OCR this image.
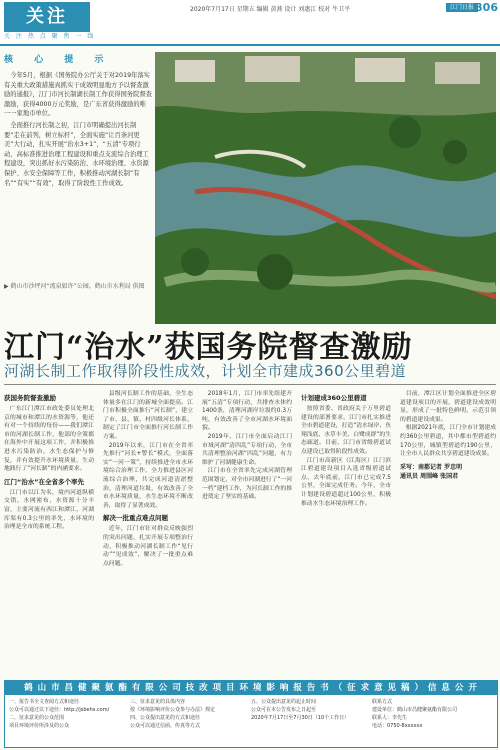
关注
关 注 热 点 聚 焦 一 线
2020年7月17日 星期五 编辑 黄燕 设计 刘惠江 校对 牛卫平	江门日报 B06
核 心 提 示

今年5月，根据《国务院办公厅关于对2019年落实有关重大政策措施真抓实干成效明显地方予以督查激励的通报》，江门市河长制湖长制工作获得国务院督查激励，获得4000万元奖励，是广东省获得激励的唯一一家地市单位。

全面推行河长制之初，江门市明确提出河长制要“走在前列，树立标杆”，全面实施“让百条河更美”大行动，扎实开展“治水3+1”，“五清”专项行动，高标准推进治理工程建设和重点支流综合治理工程建设，突出抓好水污染防治、水环境治理、水资源保护、水安全保障等工作，积极推动河湖长制“有名”“有实”“有效”，取得了阶段性工作成效。

▶ 鹤山市沙坪河“流泉如许”公园。鹤山市水利局 供图
江门“治水”获国务院督查激励
河湖长制工作取得阶段性成效，计划全市建成360公里碧道
获国务院督查激励

广东江门潭江市政处委员处理北京的城市和潭江的水资源等，他还有对一个持续的每份——我们潭江市的河湖长制工作，他部的全策都在海外中开展这项工作，并积极推进水污染防治、水生态保护与修复，并有效提升水环境质量，生动地践行了“河长制”的内涵要求。

江门“治水”在全省多个率先

江门市以江为名，境内河道纵横交错，水网密布，水资源十分丰富，主要河流有西江和潭江，河湖库渠有0.3公里的率先，水环境的治理是全市的系统工程。

县级河长制工作的基础，全生态体量多在江门的新城全面提高。江门市积极全面推行“河长制”，建立了市、县、镇、村四级河长体系，制定了江门市全面推行河长制工作方案。

2019年以来，江门市在全省率先推行“河长+警长”模式，全面落实“一河一策”，持续推进全市水环境综合治理工作，全力推进县区河流综合治理，共完成河道清淤整治，清理河道垃圾，有效改善了全市水环境质量，水生态环境不断改善，取得了显著成效。

解决一批重点难点问题

近年，江门市针对群众反映强烈的突出问题，扎实开展专项整治行动，积极推动河湖长制工作“见行动”“见成效”，解决了一批重点难点问题。

2018年1月，江门市率先组建开展“五清”专项行动，共排查水体约1400条，清理河湖岸垃圾约0.3万吨，有效改善了全市河湖水环境面貌。

2019年，江门市全面启动江门市域河湖“清四乱”专项行动，全市共清理整治河湖“四乱”问题，有力维护了河湖健康生命。

江门市在全省率先完成河湖管理范围划定，对全市河湖进行了“一河一档”建档工作，为河长制工作的推进奠定了坚实的基础。

计划建成360公里碧道

按照省委、省政府关于万里碧道建设的部署要求，江门市扎实推进全市碧道建设，打造“清水绿岸、鱼翔浅底、水草丰美、白鹭成群”的生态廊道。目前，江门市省级碧道试点建设已取得阶段性成效。

江门市高新区（江海区）江门滨江碧道建设项目入选省级碧道试点，去年底前，江门市已完成7.5公里，全面完成任务。今年，全市计划建设碧道超过100公里，积极推动水生态环境治理工作。

目前，潭江区计划全面推进全区碧道建设项目的开展，碧道建设成效明显，形成了一批特色鲜明、示范引领的碧道建设成果。

根据2021年底，江门全市计划建成约360公里碧道，其中都市型碧道约170公里，城镇型碧道约190公里，让全市人民群众共享碧道建设成果。

采写：南都记者 罗忠明
通讯员 周围峰 张国君
鹤 山 市 昌 健 聚 氨 酯 有 限 公 司 技 改 项 目 环 境 影 响 报 告 书 （ 征 求 意 见 稿 ） 信 息 公 开
一、报告书全文查阅方式和途径
公众可以通过以下途径：http://jsbehs.com/
二、征求意见的公众范围
项目环境评价所涉及的公众
三、征求意见的具体内容
按《环境影响评价公众参与办法》规定
四、公众提出意见的方式和途径
公众可以通过信函、传真等方式
五、公众提出意见的起止时间
公众可在本公告发布之日起至
2020年7月17日至7月30日（10个工作日）
联系方式
建设单位：鹤山市昌健聚氨酯有限公司
联系人：李先生
电话：0750-8xxxxxx
